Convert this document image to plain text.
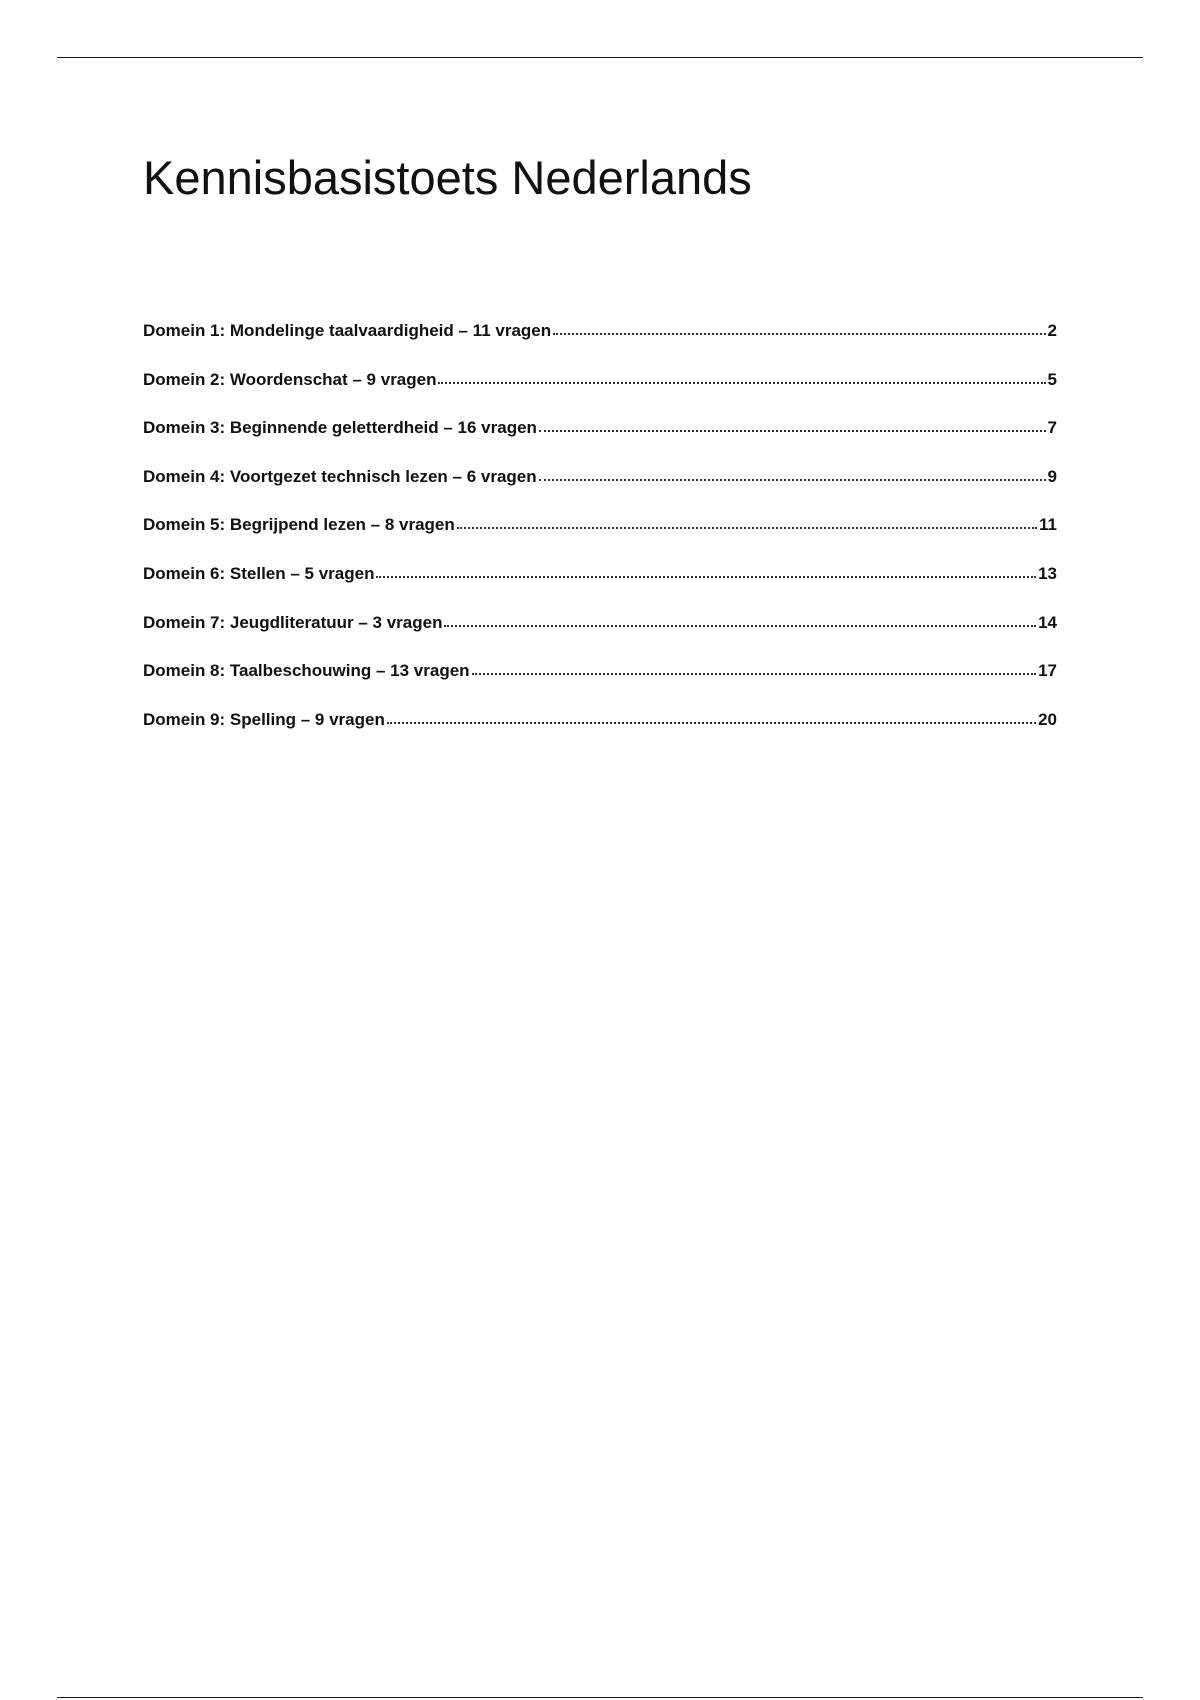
Kennisbasistoets Nederlands
Domein 1: Mondelinge taalvaardigheid – 11 vragen	2
Domein 2: Woordenschat – 9 vragen	5
Domein 3: Beginnende geletterdheid – 16 vragen	7
Domein 4: Voortgezet technisch lezen – 6 vragen	9
Domein 5: Begrijpend lezen – 8 vragen	11
Domein 6: Stellen – 5 vragen	13
Domein 7: Jeugdliteratuur – 3 vragen	14
Domein 8: Taalbeschouwing – 13 vragen	17
Domein 9: Spelling – 9 vragen	20
